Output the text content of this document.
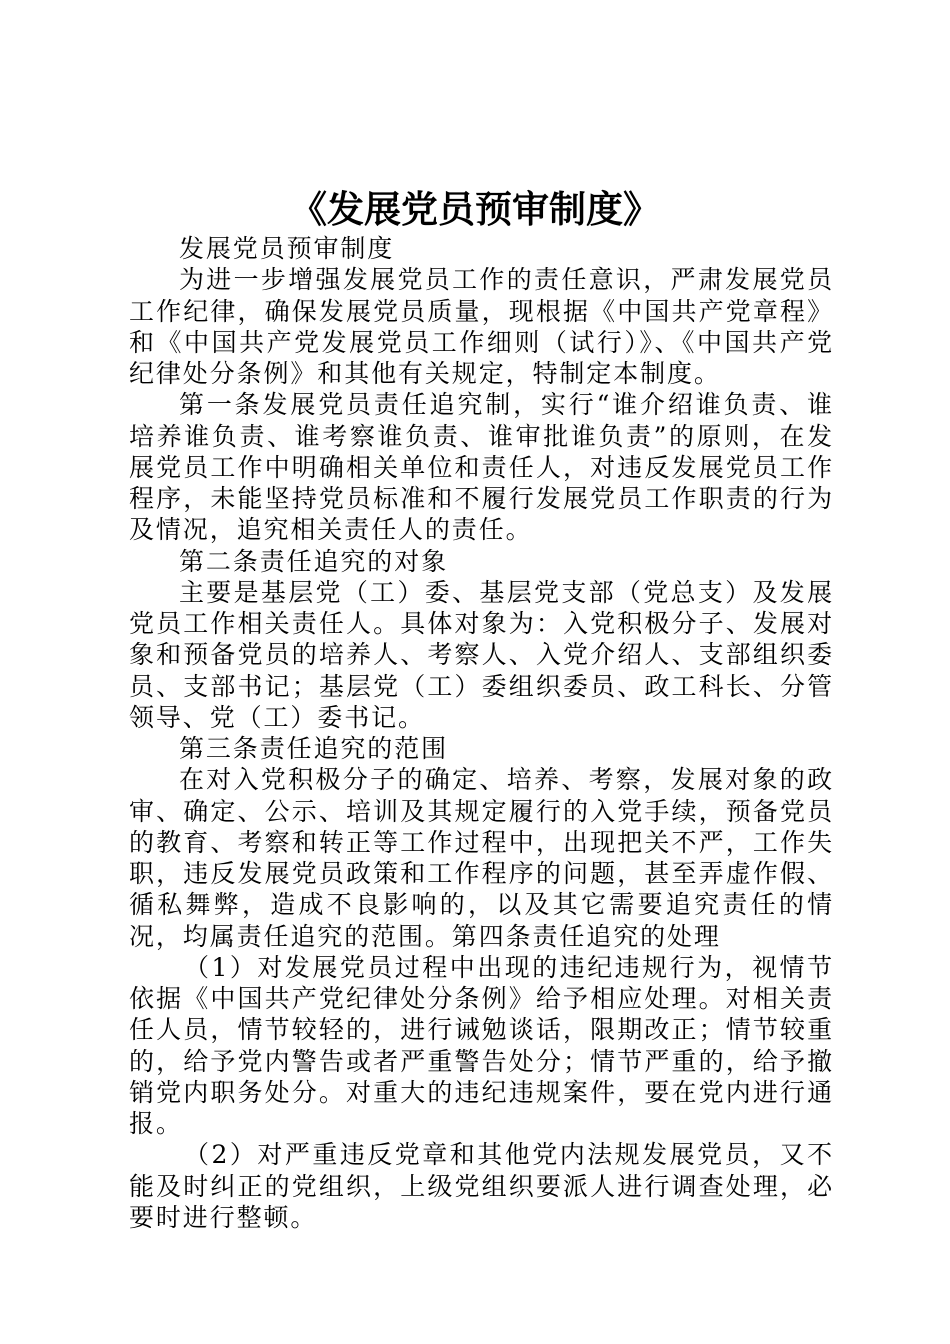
《发展党员预审制度》

发展党员预审制度

为进一步增强发展党员工作的责任意识，严肃发展党员工作纪律，确保发展党员质量，现根据《中国共产党章程》和《中国共产党发展党员工作细则（试行）》、《中国共产党纪律处分条例》和其他有关规定，特制定本制度。

第一条发展党员责任追究制，实行“谁介绍谁负责、谁培养谁负责、谁考察谁负责、谁审批谁负责”的原则，在发展党员工作中明确相关单位和责任人，对违反发展党员工作程序，未能坚持党员标准和不履行发展党员工作职责的行为及情况，追究相关责任人的责任。

第二条责任追究的对象

主要是基层党（工）委、基层党支部（党总支）及发展党员工作相关责任人。具体对象为：入党积极分子、发展对象和预备党员的培养人、考察人、入党介绍人、支部组织委员、支部书记；基层党（工）委组织委员、政工科长、分管领导、党（工）委书记。

第三条责任追究的范围

在对入党积极分子的确定、培养、考察，发展对象的政审、确定、公示、培训及其规定履行的入党手续，预备党员的教育、考察和转正等工作过程中，出现把关不严，工作失职，违反发展党员政策和工作程序的问题，甚至弄虚作假、循私舞弊，造成不良影响的，以及其它需要追究责任的情况，均属责任追究的范围。第四条责任追究的处理

（1）对发展党员过程中出现的违纪违规行为，视情节依据《中国共产党纪律处分条例》给予相应处理。对相关责任人员，情节较轻的，进行诫勉谈话，限期改正；情节较重的，给予党内警告或者严重警告处分；情节严重的，给予撤销党内职务处分。对重大的违纪违规案件，要在党内进行通报。

（2）对严重违反党章和其他党内法规发展党员，又不能及时纠正的党组织，上级党组织要派人进行调查处理，必要时进行整顿。
